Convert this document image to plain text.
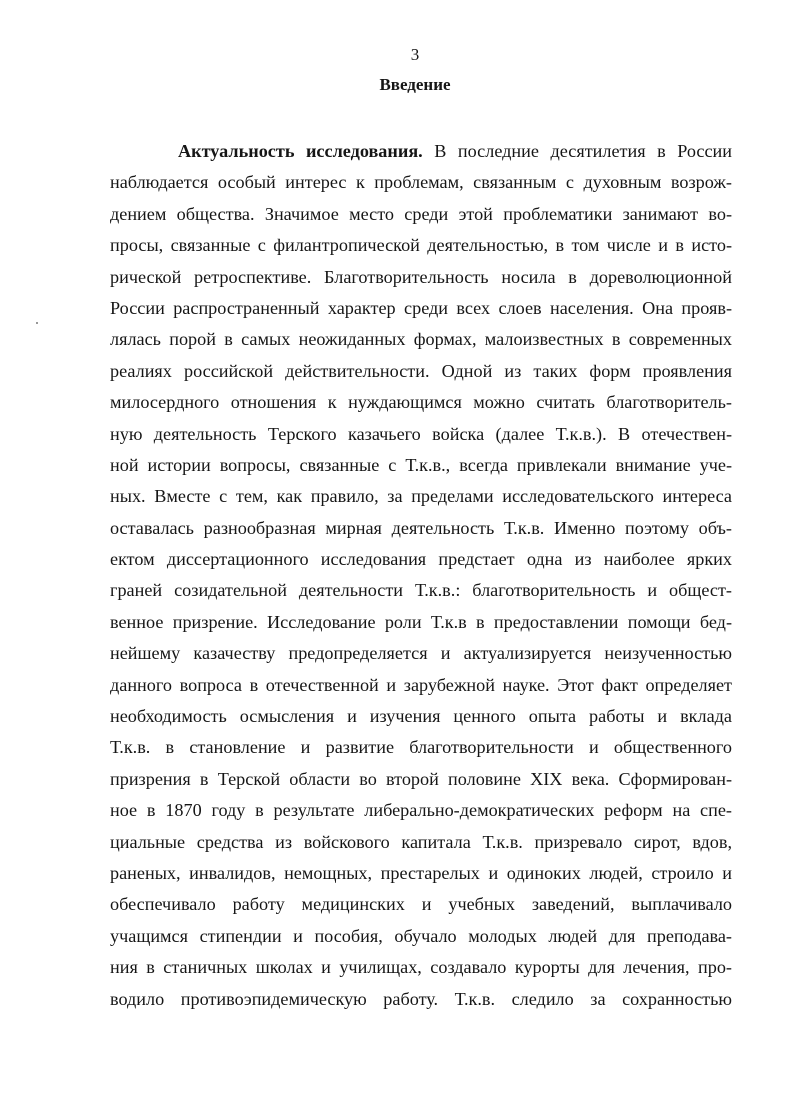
3
Введение
Актуальность исследования. В последние десятилетия в России
наблюдается особый интерес к проблемам, связанным с духовным возрож-
дением общества. Значимое место среди этой проблематики занимают во-
просы, связанные с филантропической деятельностью, в том числе и в исто-
рической ретроспективе. Благотворительность носила в дореволюционной
России распространенный характер среди всех слоев населения. Она прояв-
лялась порой в самых неожиданных формах, малоизвестных в современных
реалиях российской действительности. Одной из таких форм проявления
милосердного отношения к нуждающимся можно считать благотворитель-
ную деятельность Терского казачьего войска (далее Т.к.в.). В отечествен-
ной истории вопросы, связанные с Т.к.в., всегда привлекали внимание уче-
ных. Вместе с тем, как правило, за пределами исследовательского интереса
оставалась разнообразная мирная деятельность Т.к.в. Именно поэтому объ-
ектом диссертационного исследования предстает одна из наиболее ярких
граней созидательной деятельности Т.к.в.: благотворительность и общест-
венное призрение. Исследование роли Т.к.в в предоставлении помощи бед-
нейшему казачеству предопределяется и актуализируется неизученностью
данного вопроса в отечественной и зарубежной науке. Этот факт определяет
необходимость осмысления и изучения ценного опыта работы и вклада
Т.к.в. в становление и развитие благотворительности и общественного
призрения в Терской области во второй половине XIX века. Сформирован-
ное в 1870 году в результате либерально-демократических реформ на спе-
циальные средства из войскового капитала Т.к.в. призревало сирот, вдов,
раненых, инвалидов, немощных, престарелых и одиноких людей, строило и
обеспечивало работу медицинских и учебных заведений, выплачивало
учащимся стипендии и пособия, обучало молодых людей для преподава-
ния в станичных школах и училищах, создавало курорты для лечения, про-
водило противоэпидемическую работу. Т.к.в. следило за сохранностью
